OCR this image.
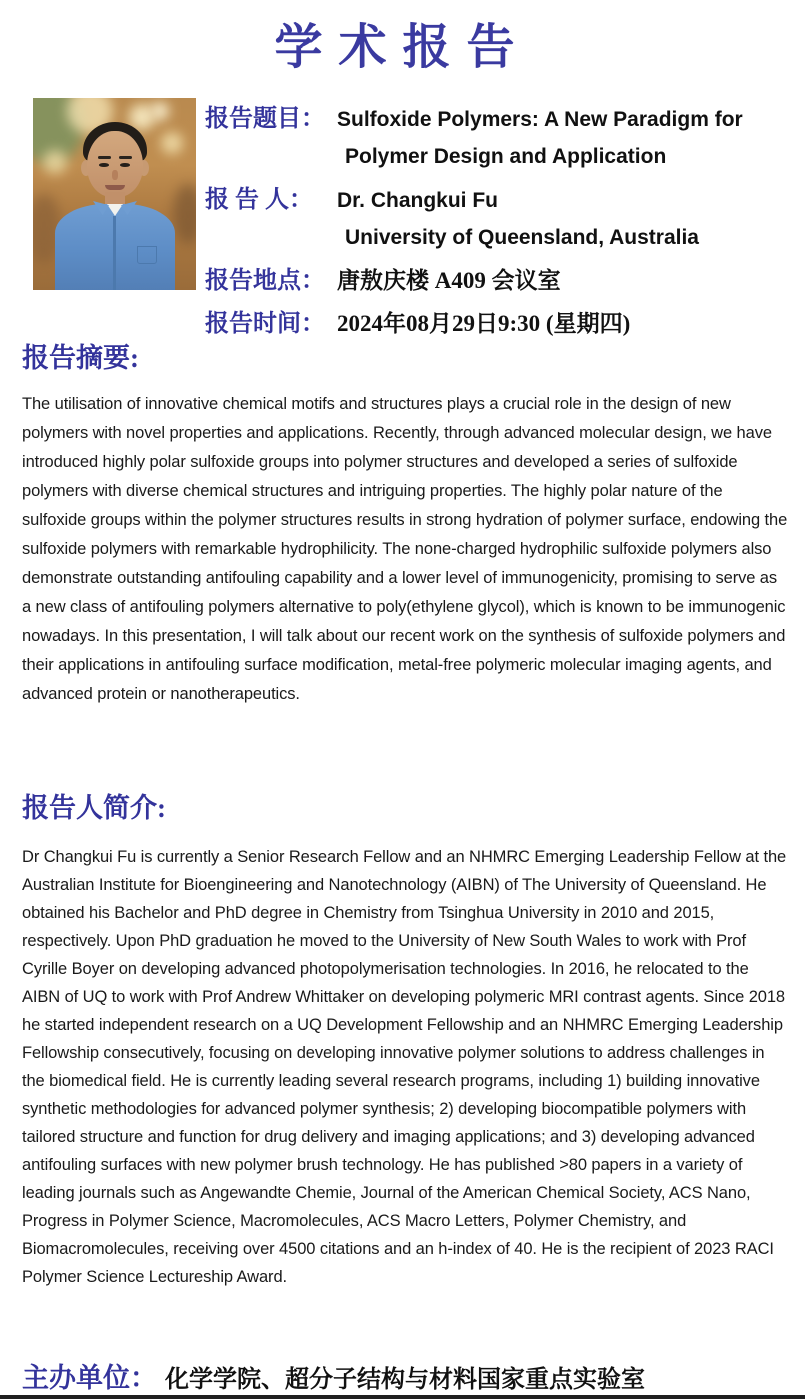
学术报告
报告题目： Sulfoxide Polymers: A New Paradigm for
Polymer Design and Application
报 告 人：	Dr. Changkui Fu
University of Queensland, Australia
报告地点： 唐敖庆楼 A409 会议室
报告时间： 2024年08月29日9:30 (星期四)
报告摘要:
The utilisation of innovative chemical motifs and structures plays a crucial role in the design of new polymers with novel properties and applications. Recently, through advanced molecular design, we have introduced highly polar sulfoxide groups into polymer structures and developed a series of sulfoxide polymers with diverse chemical structures and intriguing properties. The highly polar nature of the sulfoxide groups within the polymer structures results in strong hydration of polymer surface, endowing the sulfoxide polymers with remarkable hydrophilicity. The none-charged hydrophilic sulfoxide polymers also demonstrate outstanding antifouling capability and a lower level of immunogenicity, promising to serve as a new class of antifouling polymers alternative to poly(ethylene glycol), which is known to be immunogenic nowadays. In this presentation, I will talk about our recent work on the synthesis of sulfoxide polymers and their applications in antifouling surface modification, metal-free polymeric molecular imaging agents, and advanced protein or nanotherapeutics.
报告人简介:
Dr Changkui Fu is currently a Senior Research Fellow and an NHMRC Emerging Leadership Fellow at the Australian Institute for Bioengineering and Nanotechnology (AIBN) of The University of Queensland. He obtained his Bachelor and PhD degree in Chemistry from Tsinghua University in 2010 and 2015, respectively. Upon PhD graduation he moved to the University of New South Wales to work with Prof Cyrille Boyer on developing advanced photopolymerisation technologies. In 2016, he relocated to the AIBN of UQ to work with Prof Andrew Whittaker on developing polymeric MRI contrast agents. Since 2018 he started independent research on a UQ Development Fellowship and an NHMRC Emerging Leadership Fellowship consecutively, focusing on developing innovative polymer solutions to address challenges in the biomedical field. He is currently leading several research programs, including 1) building innovative synthetic methodologies for advanced polymer synthesis; 2) developing biocompatible polymers with tailored structure and function for drug delivery and imaging applications; and 3) developing advanced antifouling surfaces with new polymer brush technology. He has published >80 papers in a variety of leading journals such as Angewandte Chemie, Journal of the American Chemical Society, ACS Nano, Progress in Polymer Science, Macromolecules, ACS Macro Letters, Polymer Chemistry, and Biomacromolecules, receiving over 4500 citations and an h-index of 40. He is the recipient of 2023 RACI Polymer Science Lectureship Award.
主办单位： 化学学院、超分子结构与材料国家重点实验室
